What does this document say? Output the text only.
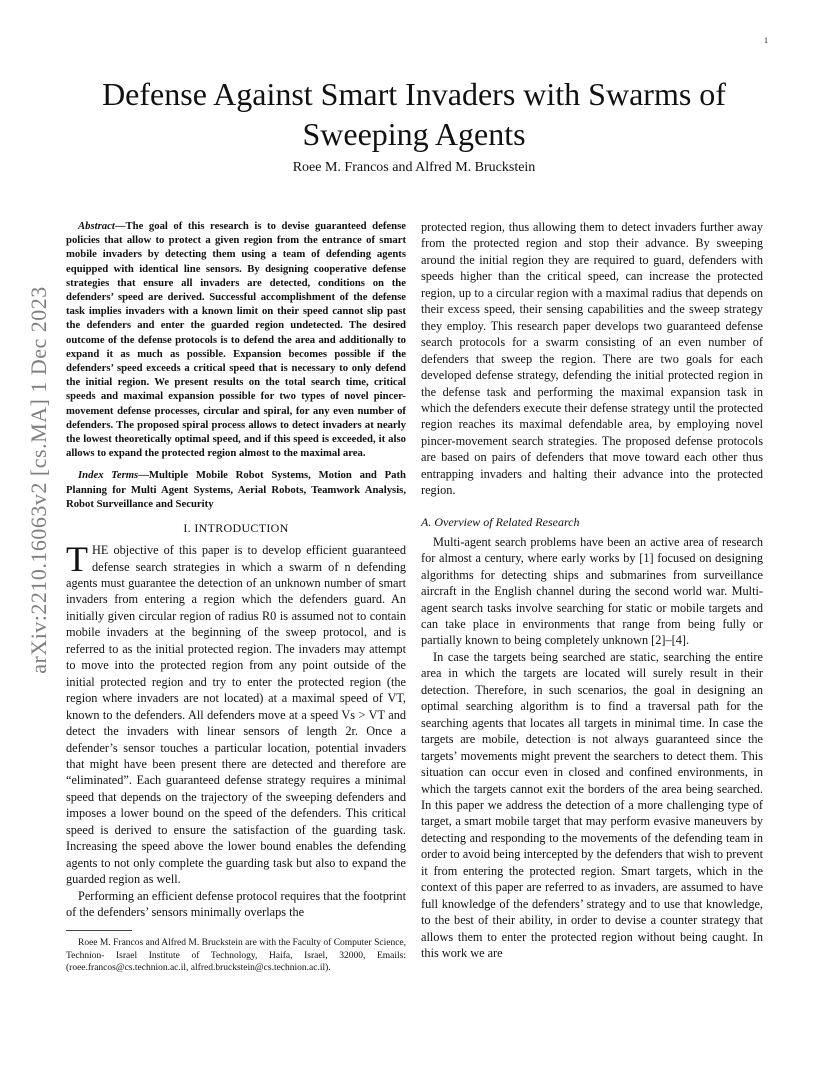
1
Defense Against Smart Invaders with Swarms of Sweeping Agents
Roee M. Francos and Alfred M. Bruckstein
arXiv:2210.16063v2 [cs.MA] 1 Dec 2023

Abstract—The goal of this research is to devise guaranteed defense policies that allow to protect a given region from the entrance of smart mobile invaders by detecting them using a team of defending agents equipped with identical line sensors. By designing cooperative defense strategies that ensure all invaders are detected, conditions on the defenders’ speed are derived. Successful accomplishment of the defense task implies invaders with a known limit on their speed cannot slip past the defenders and enter the guarded region undetected. The desired outcome of the defense protocols is to defend the area and additionally to expand it as much as possible. Expansion becomes possible if the defenders’ speed exceeds a critical speed that is necessary to only defend the initial region. We present results on the total search time, critical speeds and maximal expansion possible for two types of novel pincer-movement defense processes, circular and spiral, for any even number of defenders. The proposed spiral process allows to detect invaders at nearly the lowest theoretically optimal speed, and if this speed is exceeded, it also allows to expand the protected region almost to the maximal area.

Index Terms—Multiple Mobile Robot Systems, Motion and Path Planning for Multi Agent Systems, Aerial Robots, Teamwork Analysis, Robot Surveillance and Security

I. INTRODUCTION

THE objective of this paper is to develop efficient guaranteed defense search strategies in which a swarm of n defending agents must guarantee the detection of an unknown number of smart invaders from entering a region which the defenders guard. An initially given circular region of radius R0 is assumed not to contain mobile invaders at the beginning of the sweep protocol, and is referred to as the initial protected region. The invaders may attempt to move into the protected region from any point outside of the initial protected region and try to enter the protected region (the region where invaders are not located) at a maximal speed of VT, known to the defenders. All defenders move at a speed Vs > VT and detect the invaders with linear sensors of length 2r. Once a defender’s sensor touches a particular location, potential invaders that might have been present there are detected and therefore are “eliminated”. Each guaranteed defense strategy requires a minimal speed that depends on the trajectory of the sweeping defenders and imposes a lower bound on the speed of the defenders. This critical speed is derived to ensure the satisfaction of the guarding task. Increasing the speed above the lower bound enables the defending agents to not only complete the guarding task but also to expand the guarded region as well.

Performing an efficient defense protocol requires that the footprint of the defenders’ sensors minimally overlaps the

Roee M. Francos and Alfred M. Bruckstein are with the Faculty of Computer Science, Technion- Israel Institute of Technology, Haifa, Israel, 32000, Emails:(roee.francos@cs.technion.ac.il, alfred.bruckstein@cs.technion.ac.il).

protected region, thus allowing them to detect invaders further away from the protected region and stop their advance. By sweeping around the initial region they are required to guard, defenders with speeds higher than the critical speed, can increase the protected region, up to a circular region with a maximal radius that depends on their excess speed, their sensing capabilities and the sweep strategy they employ. This research paper develops two guaranteed defense search protocols for a swarm consisting of an even number of defenders that sweep the region. There are two goals for each developed defense strategy, defending the initial protected region in the defense task and performing the maximal expansion task in which the defenders execute their defense strategy until the protected region reaches its maximal defendable area, by employing novel pincer-movement search strategies. The proposed defense protocols are based on pairs of defenders that move toward each other thus entrapping invaders and halting their advance into the protected region.

A. Overview of Related Research

Multi-agent search problems have been an active area of research for almost a century, where early works by [1] focused on designing algorithms for detecting ships and submarines from surveillance aircraft in the English channel during the second world war. Multi-agent search tasks involve searching for static or mobile targets and can take place in environments that range from being fully or partially known to being completely unknown [2]–[4].

In case the targets being searched are static, searching the entire area in which the targets are located will surely result in their detection. Therefore, in such scenarios, the goal in designing an optimal searching algorithm is to find a traversal path for the searching agents that locates all targets in minimal time. In case the targets are mobile, detection is not always guaranteed since the targets’ movements might prevent the searchers to detect them. This situation can occur even in closed and confined environments, in which the targets cannot exit the borders of the area being searched. In this paper we address the detection of a more challenging type of target, a smart mobile target that may perform evasive maneuvers by detecting and responding to the movements of the defending team in order to avoid being intercepted by the defenders that wish to prevent it from entering the protected region. Smart targets, which in the context of this paper are referred to as invaders, are assumed to have full knowledge of the defenders’ strategy and to use that knowledge, to the best of their ability, in order to devise a counter strategy that allows them to enter the protected region without being caught. In this work we are
